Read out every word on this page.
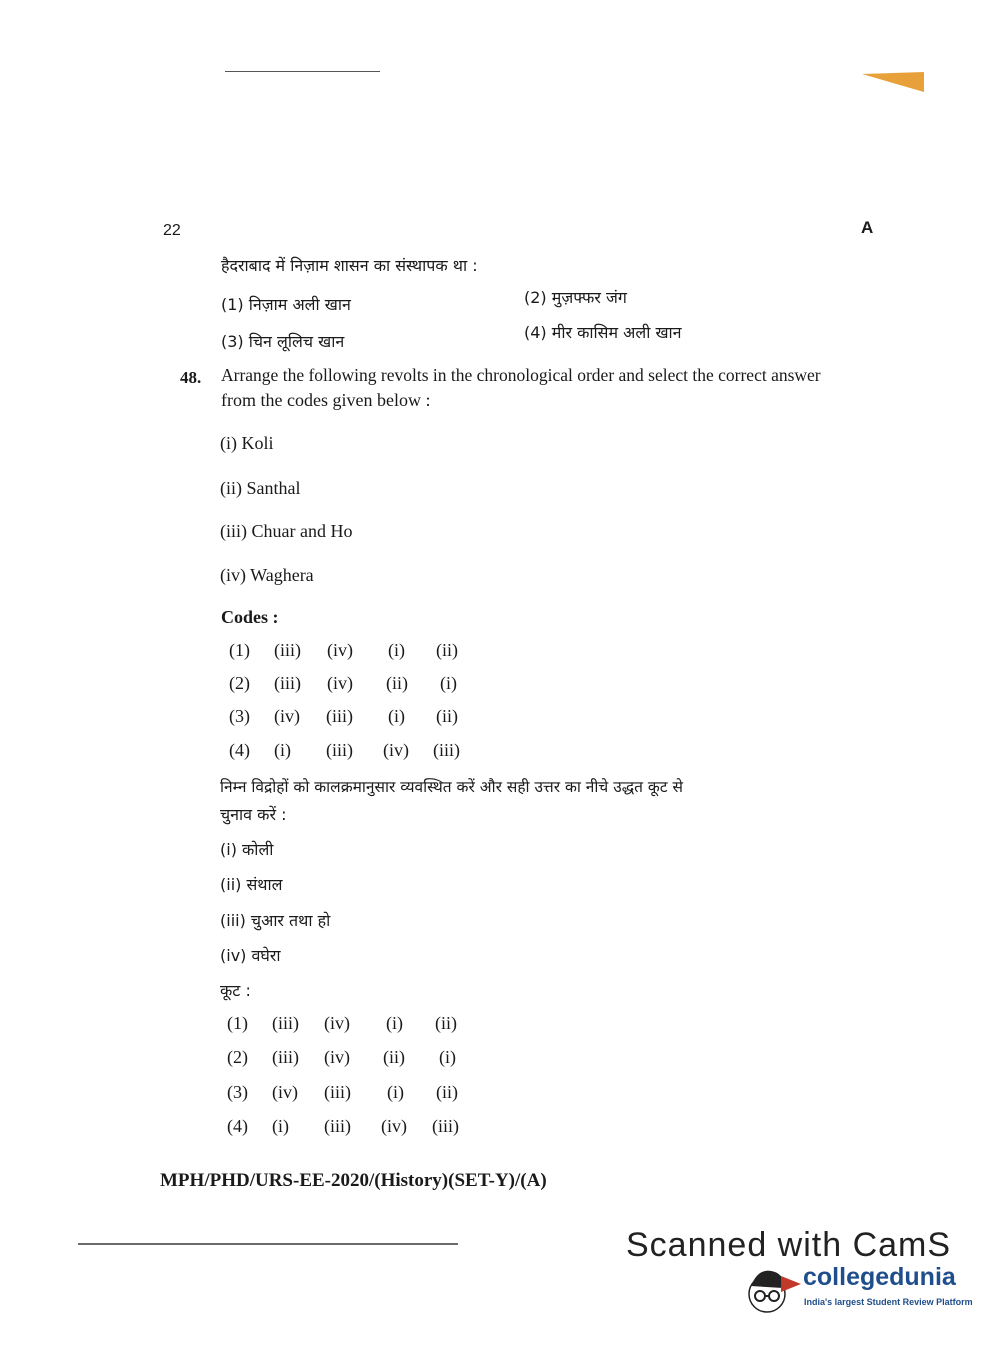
22	A
हैदराबाद में निज़ाम शासन का संस्थापक था :
(1) निज़ाम अली खान	(2) मुज़फ्फर जंग
(3) चिन लूलिच खान	(4) मीर कासिम अली खान
48. Arrange the following revolts in the chronological order and select the correct answer
from the codes given below :
(i) Koli
(ii) Santhal
(iii) Chuar and Ho
(iv) Waghera
Codes :
(1) (iii) (iv) (i) (ii)
(2) (iii) (iv) (ii) (i)
(3) (iv) (iii) (i) (ii)
(4) (i) (iii) (iv) (iii)
निम्न विद्रोहों को कालक्रमानुसार व्यवस्थित करें और सही उत्तर का नीचे उद्धत कूट से
चुनाव करें :
(i) कोली
(ii) संथाल
(iii) चुआर तथा हो
(iv) वघेरा
कूट :
(1) (iii) (iv) (i) (ii)
(2) (iii) (iv) (ii) (i)
(3) (iv) (iii) (i) (ii)
(4) (i) (iii) (iv) (iii)
MPH/PHD/URS-EE-2020/(History)(SET-Y)/(A)
Scanned with CamS
collegedunia
India's largest Student Review Platform
